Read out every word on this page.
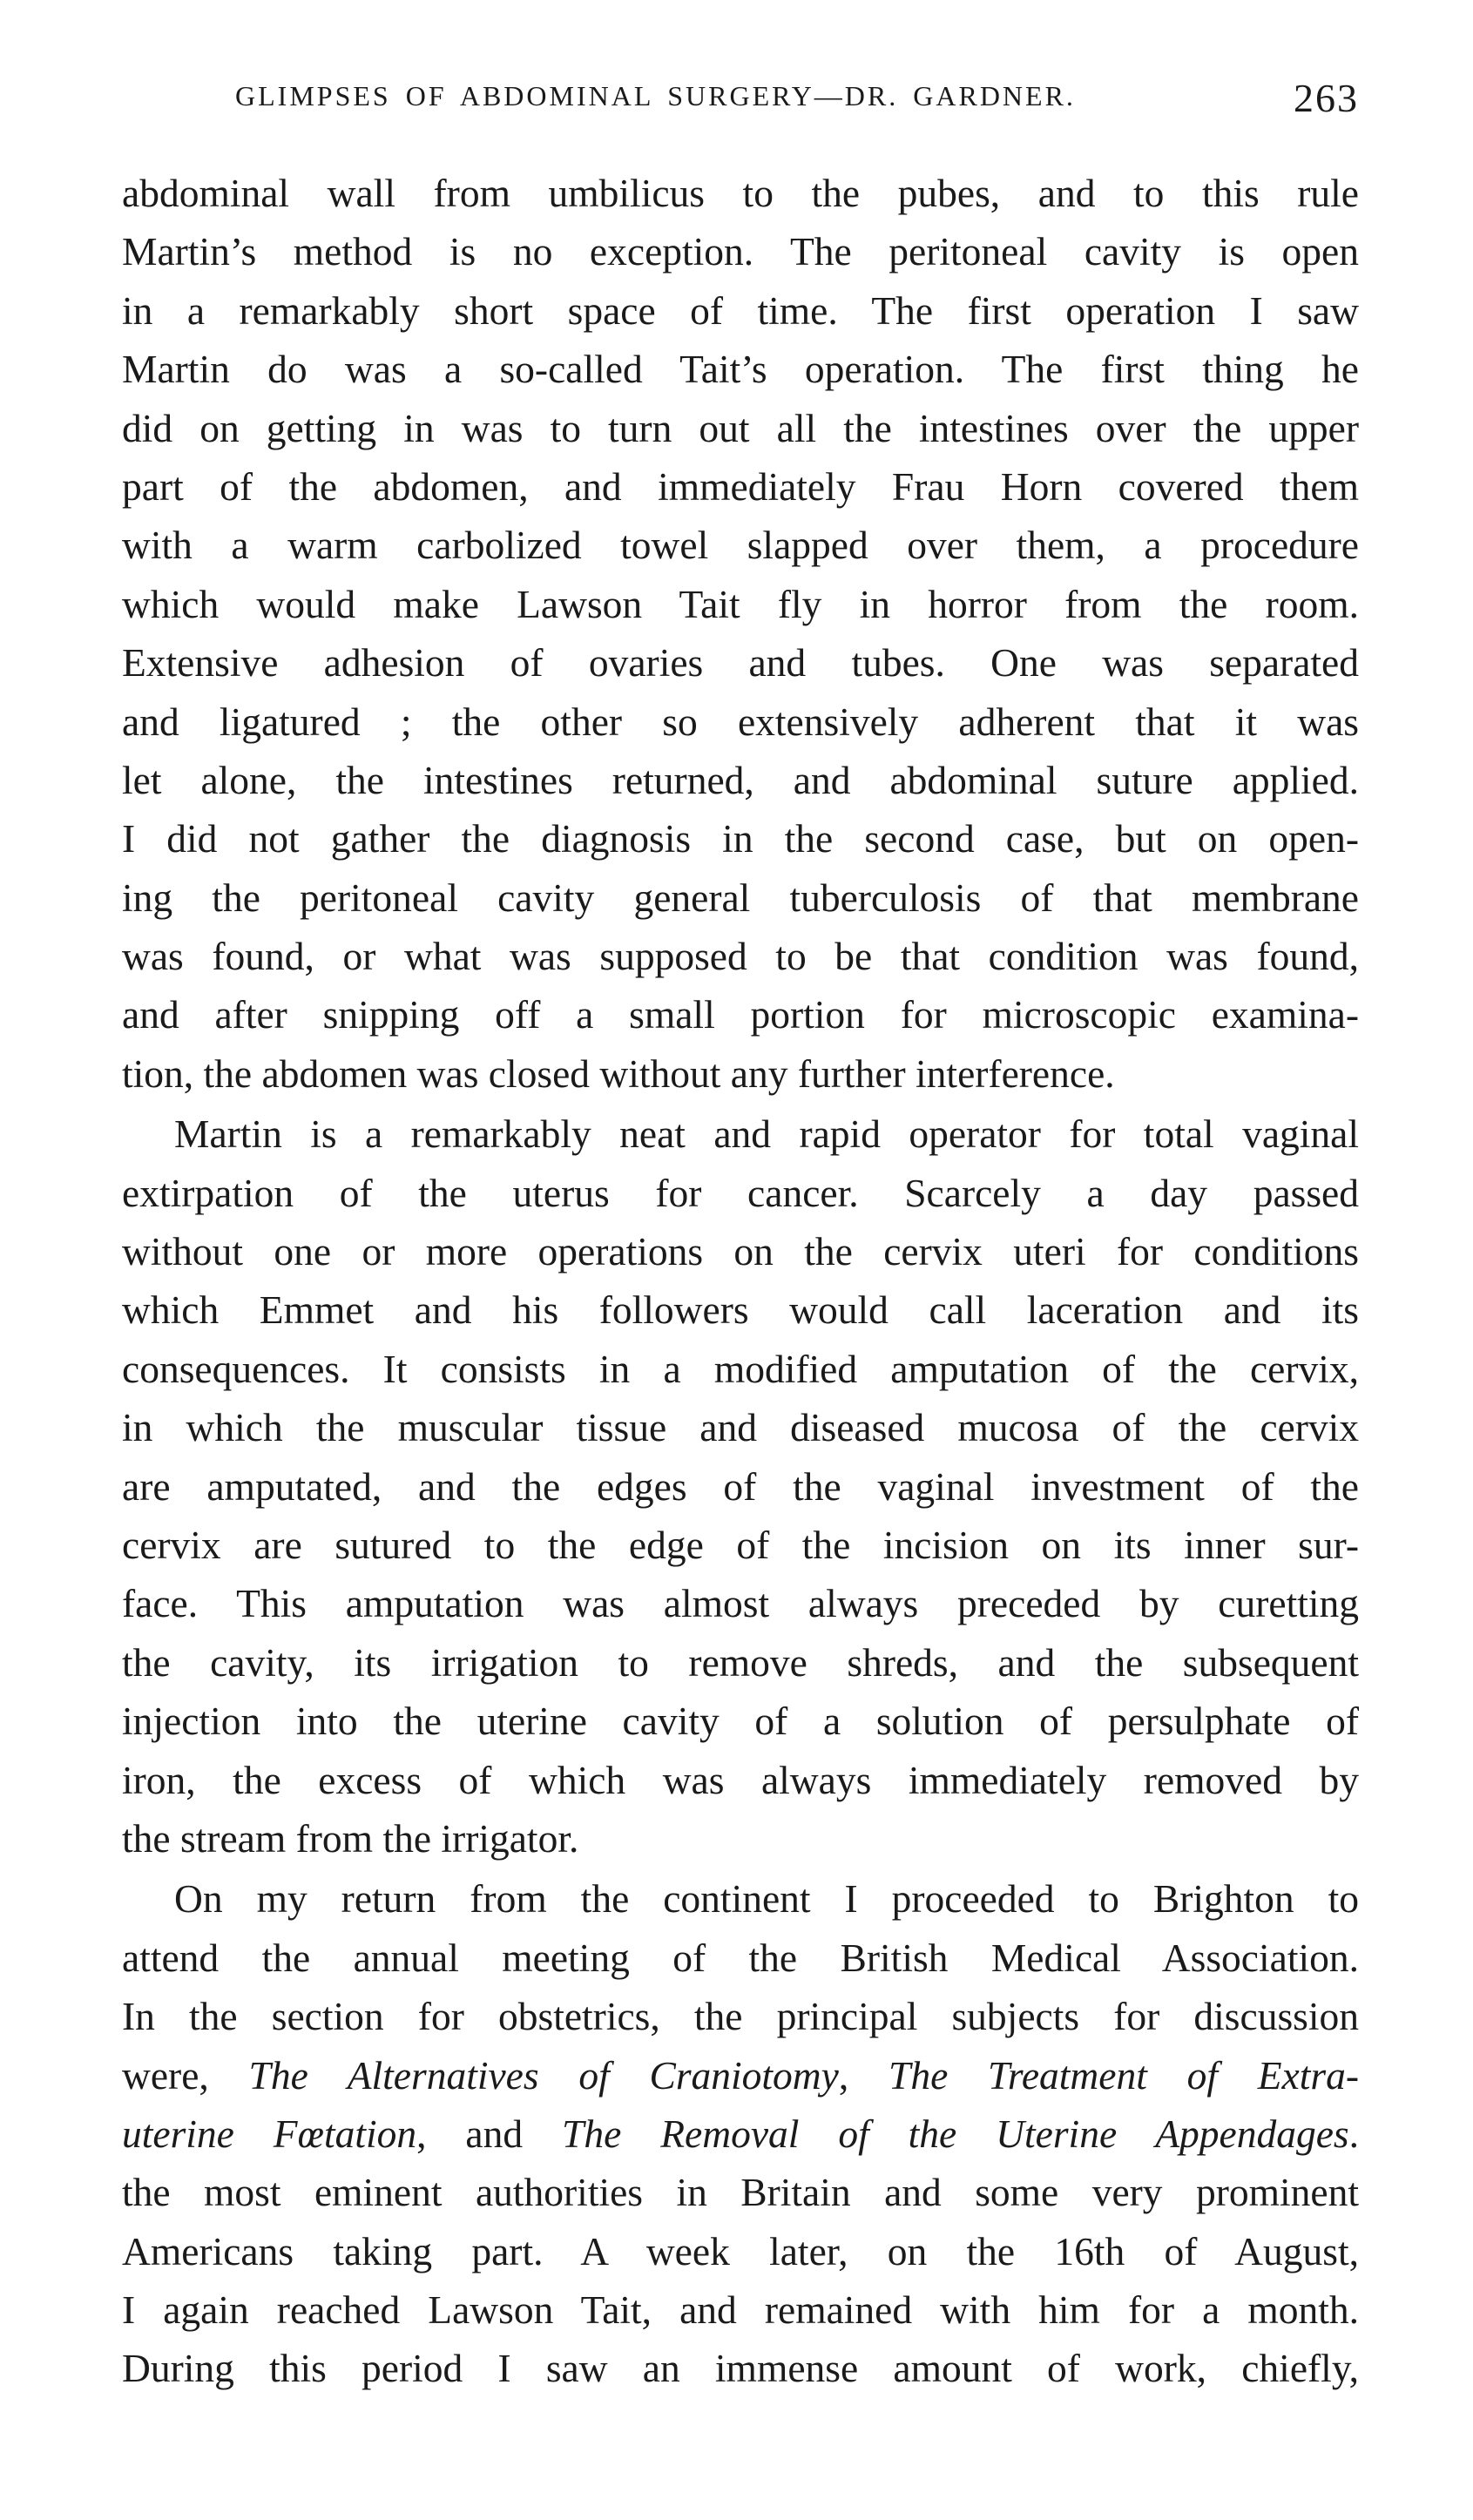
GLIMPSES OF ABDOMINAL SURGERY—DR. GARDNER.	263
abdominal wall from umbilicus to the pubes, and to this rule
Martin’s method is no exception. The peritoneal cavity is open
in a remarkably short space of time. The first operation I saw
Martin do was a so-called Tait’s operation. The first thing he
did on getting in was to turn out all the intestines over the upper
part of the abdomen, and immediately Frau Horn covered them
with a warm carbolized towel slapped over them, a procedure
which would make Lawson Tait fly in horror from the room.
Extensive adhesion of ovaries and tubes. One was separated
and ligatured ; the other so extensively adherent that it was
let alone, the intestines returned, and abdominal suture applied.
I did not gather the diagnosis in the second case, but on open-
ing the peritoneal cavity general tuberculosis of that membrane
was found, or what was supposed to be that condition was found,
and after snipping off a small portion for microscopic examina-
tion, the abdomen was closed without any further interference.
Martin is a remarkably neat and rapid operator for total vaginal
extirpation of the uterus for cancer. Scarcely a day passed
without one or more operations on the cervix uteri for conditions
which Emmet and his followers would call laceration and its
consequences. It consists in a modified amputation of the cervix,
in which the muscular tissue and diseased mucosa of the cervix
are amputated, and the edges of the vaginal investment of the
cervix are sutured to the edge of the incision on its inner sur-
face. This amputation was almost always preceded by curetting
the cavity, its irrigation to remove shreds, and the subsequent
injection into the uterine cavity of a solution of persulphate of
iron, the excess of which was always immediately removed by
the stream from the irrigator.
On my return from the continent I proceeded to Brighton to
attend the annual meeting of the British Medical Association.
In the section for obstetrics, the principal subjects for discussion
were, The Alternatives of Craniotomy, The Treatment of Extra-
uterine Fœtation, and The Removal of the Uterine Appendages.
the most eminent authorities in Britain and some very prominent
Americans taking part. A week later, on the 16th of August,
I again reached Lawson Tait, and remained with him for a month.
During this period I saw an immense amount of work, chiefly,
